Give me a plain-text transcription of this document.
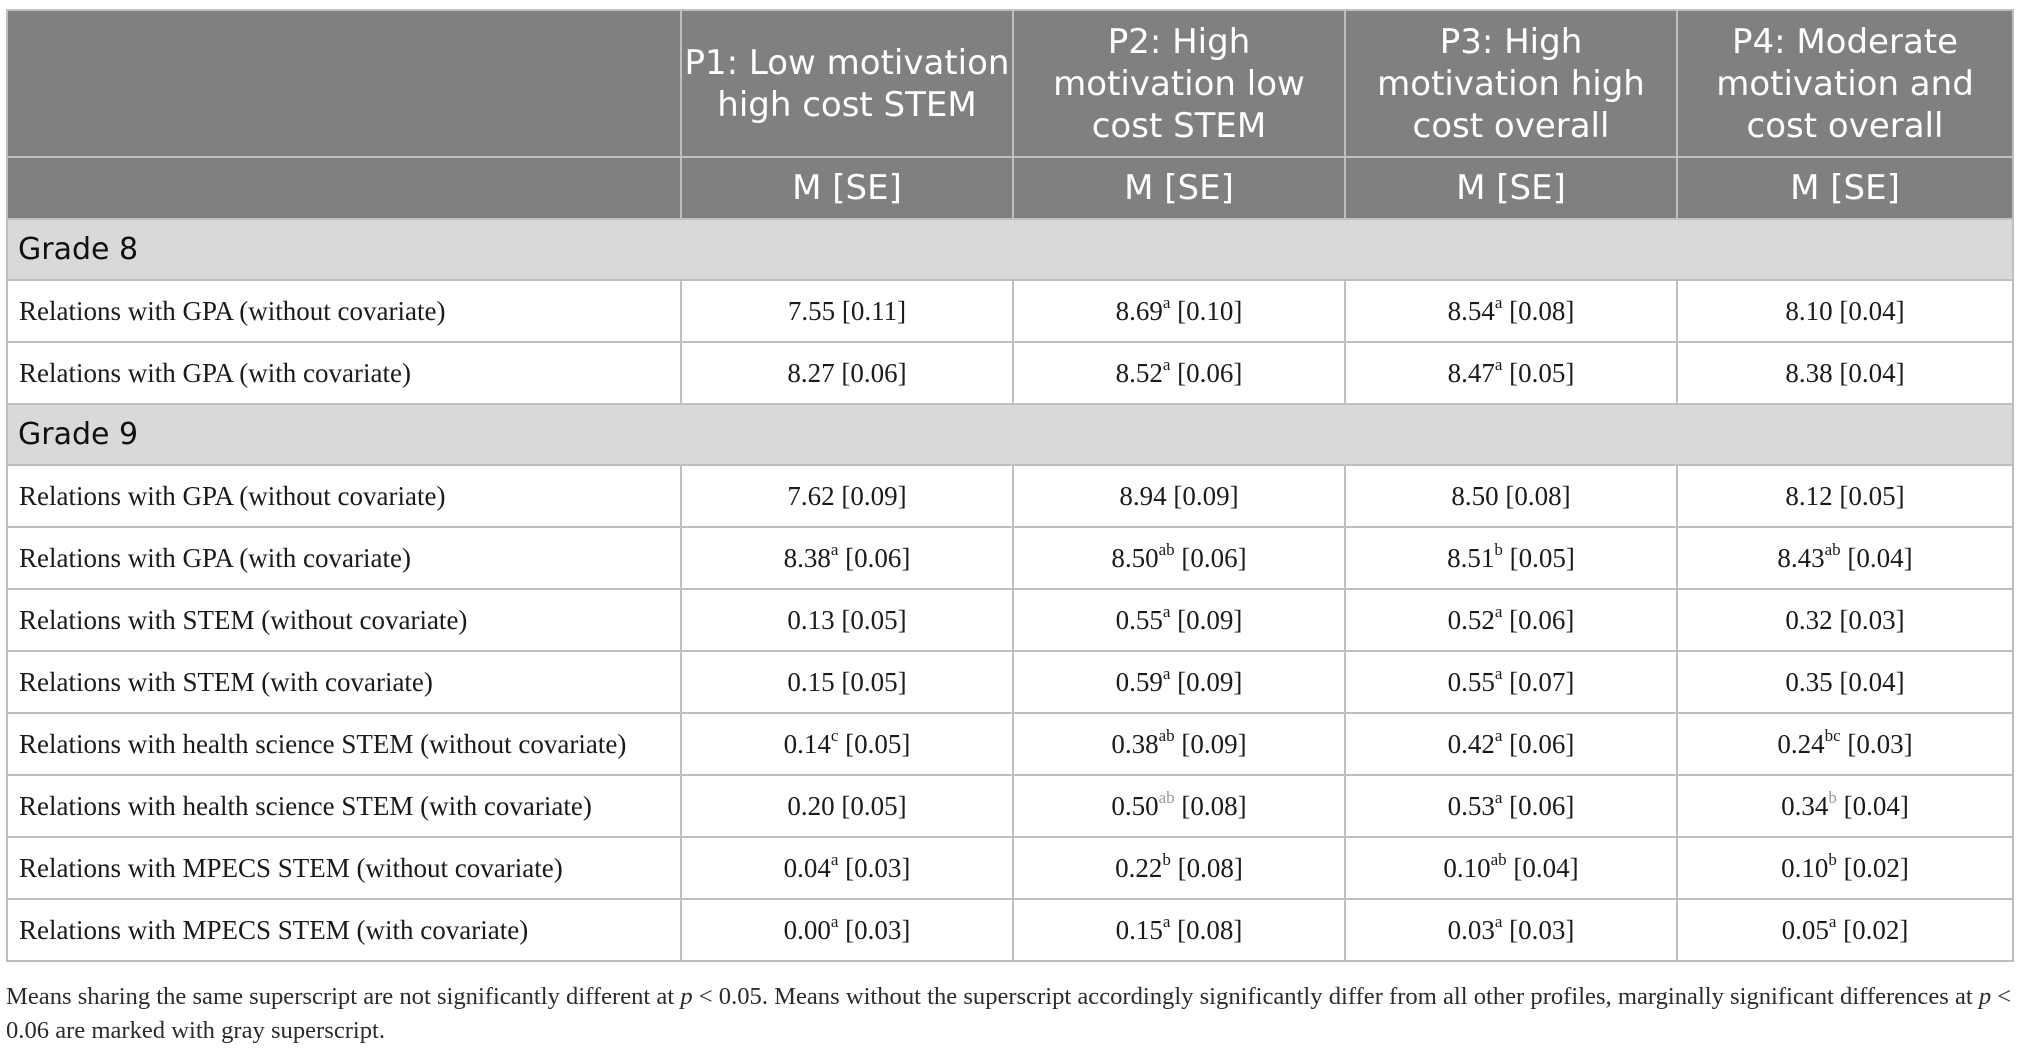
	P1: Low motivation high cost STEM	P2: High motivation low cost STEM	P3: High motivation high cost overall	P4: Moderate motivation and cost overall
	M [SE]	M [SE]	M [SE]	M [SE]
Grade 8				
Relations with GPA (without covariate)	7.55 [0.11]	8.69$^a$ [0.10]	8.54$^a$ [0.08]	8.10 [0.04]
Relations with GPA (with covariate)	8.27 [0.06]	8.52$^a$ [0.06]	8.47$^a$ [0.05]	8.38 [0.04]
Grade 9				
Relations with GPA (without covariate)	7.62 [0.09]	8.94 [0.09]	8.50 [0.08]	8.12 [0.05]
Relations with GPA (with covariate)	8.38$^a$ [0.06]	8.50$^{ab}$ [0.06]	8.51$^b$ [0.05]	8.43$^{ab}$ [0.04]
Relations with STEM (without covariate)	0.13 [0.05]	0.55$^a$ [0.09]	0.52$^a$ [0.06]	0.32 [0.03]
Relations with STEM (with covariate)	0.15 [0.05]	0.59$^a$ [0.09]	0.55$^a$ [0.07]	0.35 [0.04]
Relations with health science STEM (without covariate)	0.14$^c$ [0.05]	0.38$^{ab}$ [0.09]	0.42$^a$ [0.06]	0.24$^{bc}$ [0.03]
Relations with health science STEM (with covariate)	0.20 [0.05]	0.50$^{ab}$ [0.08]	0.53$^a$ [0.06]	0.34$^b$ [0.04]
Relations with MPECS STEM (without covariate)	0.04$^a$ [0.03]	0.22$^b$ [0.08]	0.10$^{ab}$ [0.04]	0.10$^b$ [0.02]
Relations with MPECS STEM (with covariate)	0.00$^a$ [0.03]	0.15$^a$ [0.08]	0.03$^a$ [0.03]	0.05$^a$ [0.02]
Means sharing the same superscript are not significantly different at p < 0.05. Means without the superscript accordingly significantly differ from all other profiles, marginally significant differences at p < 0.06 are marked with gray superscript.
